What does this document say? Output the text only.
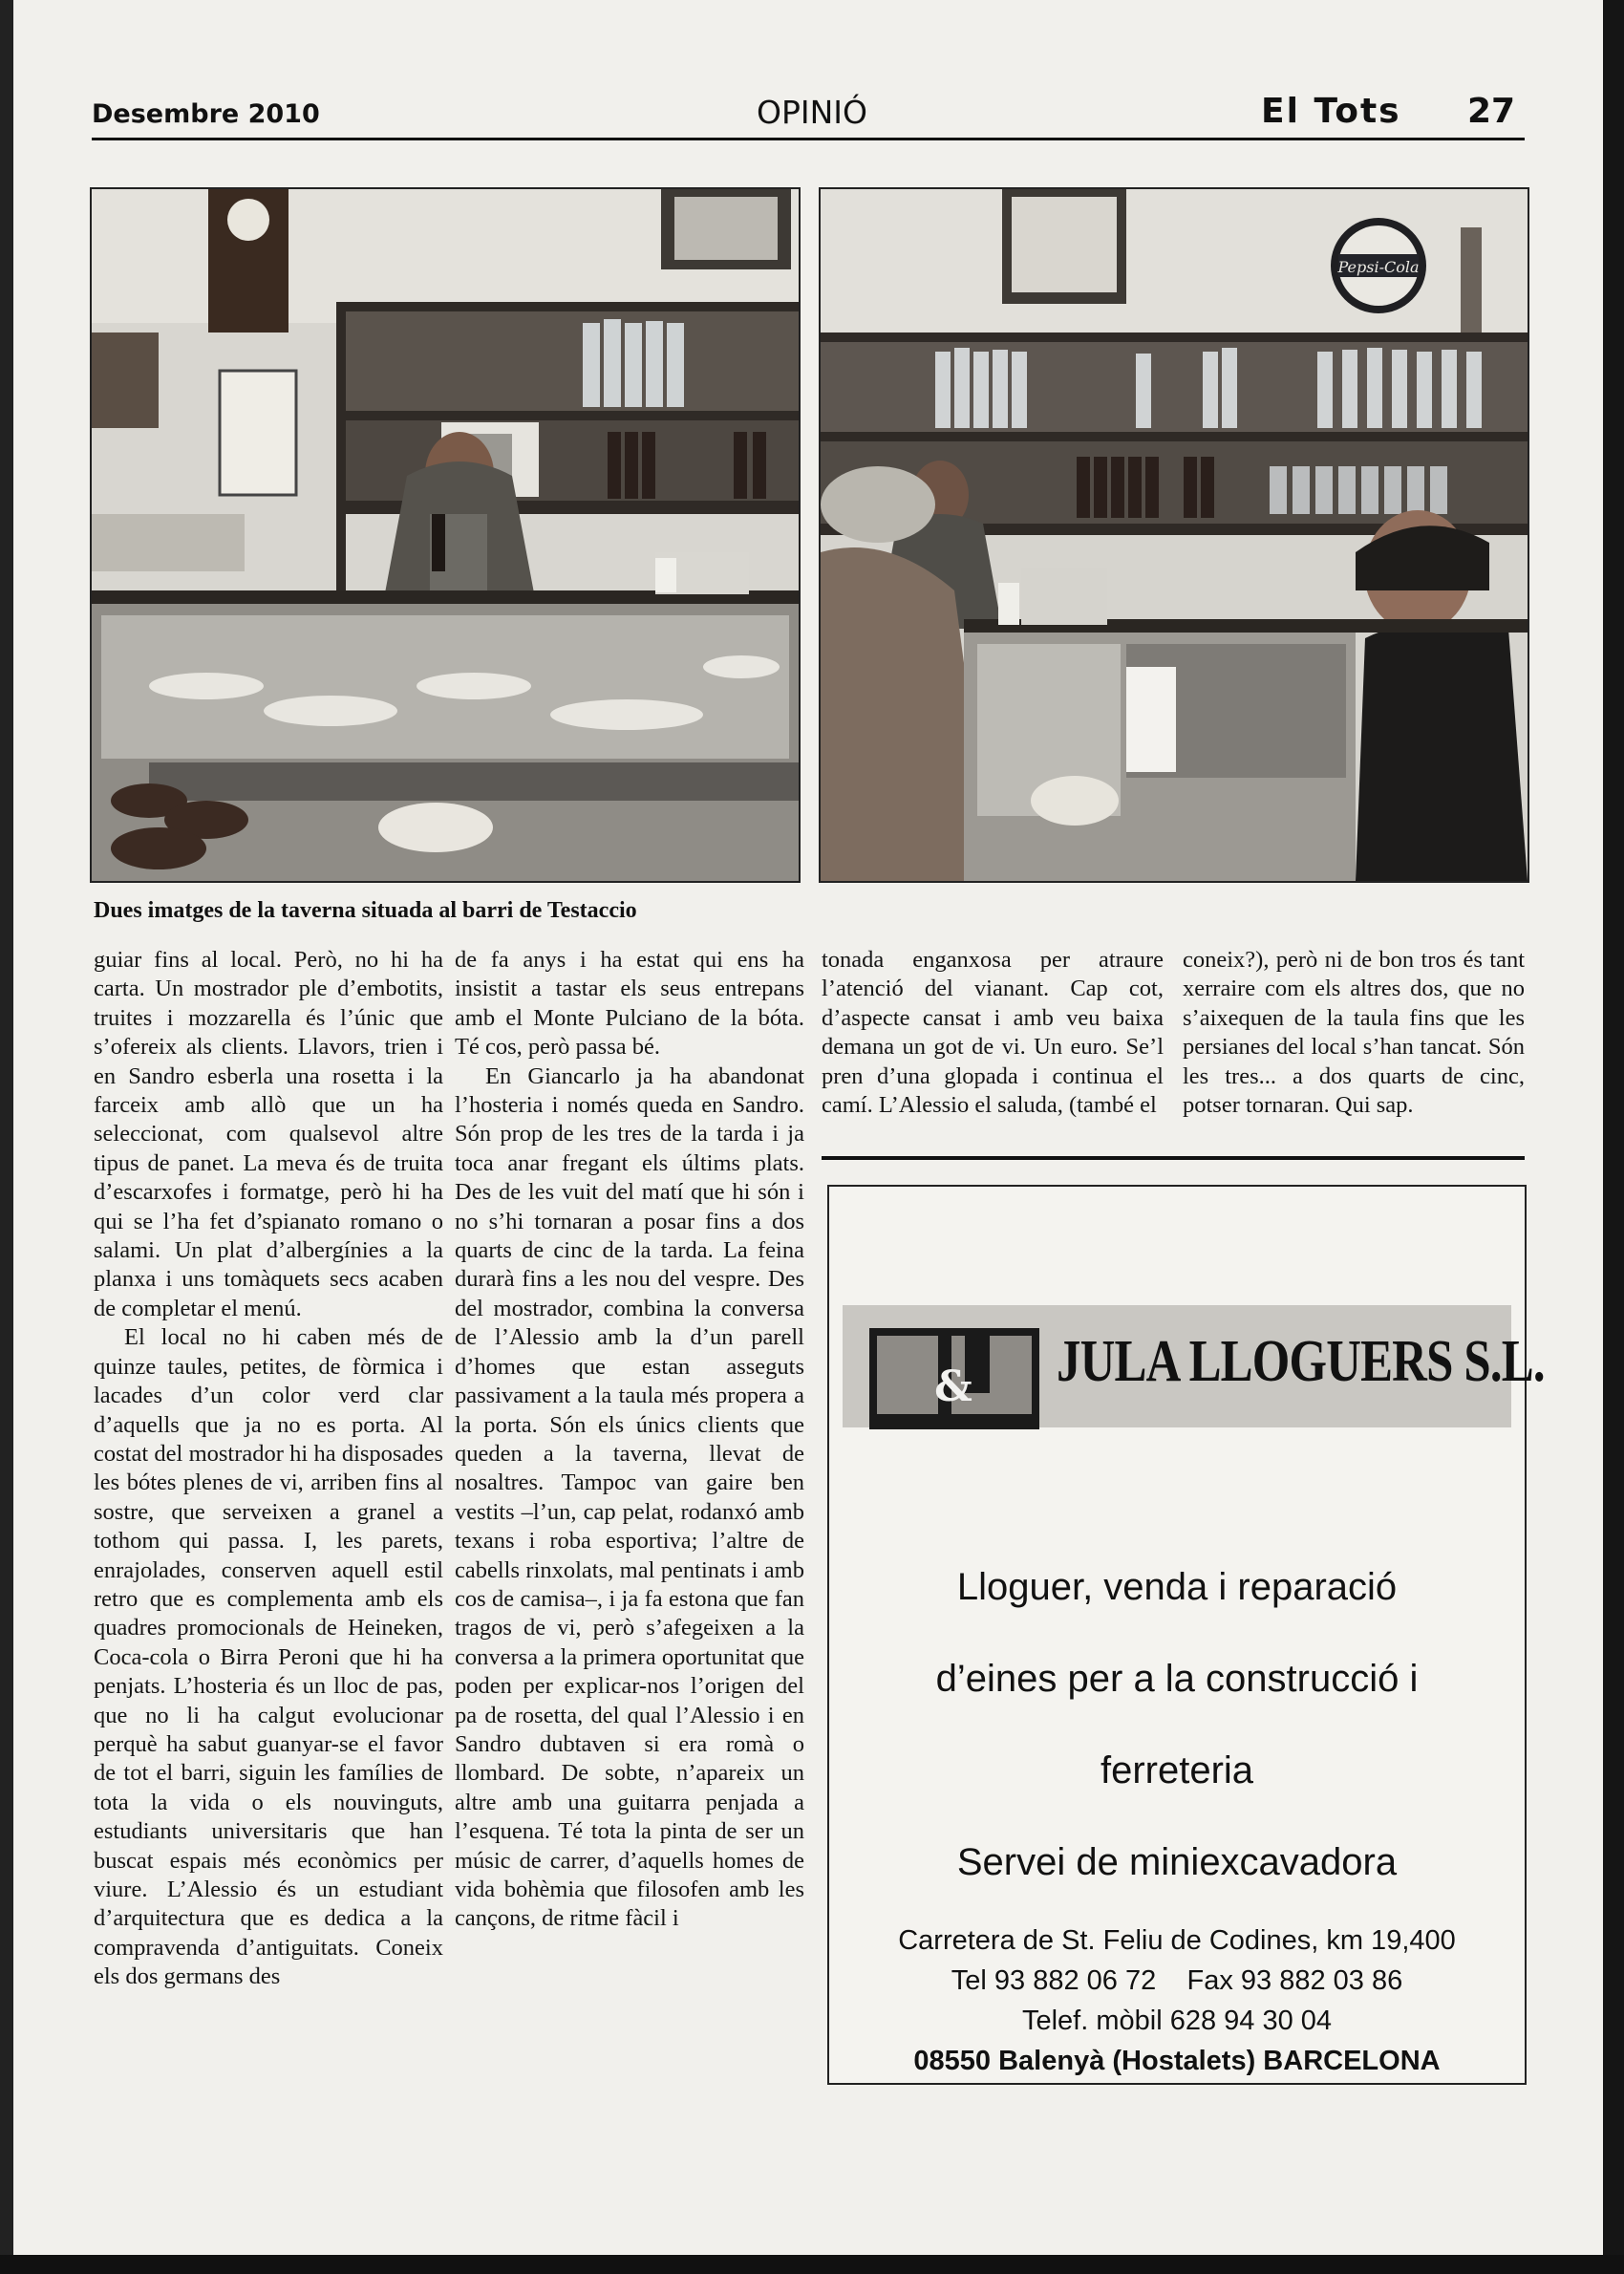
Desembre 2010	OPINIÓ	El Tots 27
Pepsi-Cola
Dues imatges de la taverna situada al barri de Testaccio

guiar fins al local. Però, no hi ha carta. Un mostrador ple d’embotits, truites i mozzarella és l’únic que s’ofereix als clients. Llavors, trien i en Sandro esberla una rosetta i la farceix amb allò que un ha seleccionat, com qualsevol altre tipus de panet. La meva és de truita d’escarxofes i formatge, però hi ha qui se l’ha fet d’spianato romano o salami. Un plat d’albergínies a la planxa i uns tomàquets secs acaben de completar el menú.

El local no hi caben més de quinze taules, petites, de fòrmica i lacades d’un color verd clar d’aquells que ja no es porta. Al costat del mostrador hi ha disposades les bótes plenes de vi, arriben fins al sostre, que serveixen a granel a tothom qui passa. I, les parets, enrajolades, conserven aquell estil retro que es complementa amb els quadres promocionals de Heineken, Coca-cola o Birra Peroni que hi ha penjats. L’hosteria és un lloc de pas, que no li ha calgut evolucionar perquè ha sabut guanyar-se el favor de tot el barri, siguin les famílies de tota la vida o els nouvinguts, estudiants universitaris que han buscat espais més econòmics per viure. L’Alessio és un estudiant d’arquitectura que es dedica a la compravenda d’antiguitats. Coneix els dos germans des

de fa anys i ha estat qui ens ha insistit a tastar els seus entrepans amb el Monte Pulciano de la bóta. Té cos, però passa bé.

En Giancarlo ja ha abandonat l’hosteria i només queda en Sandro. Són prop de les tres de la tarda i ja toca anar fregant els últims plats. Des de les vuit del matí que hi són i no s’hi tornaran a posar fins a dos quarts de cinc de la tarda. La feina durarà fins a les nou del vespre. Des del mostrador, combina la conversa de l’Alessio amb la d’un parell d’homes que estan asseguts passivament a la taula més propera a la porta. Són els únics clients que queden a la taverna, llevat de nosaltres. Tampoc van gaire ben vestits –l’un, cap pelat, rodanxó amb texans i roba esportiva; l’altre de cabells rinxolats, mal pentinats i amb cos de camisa–, i ja fa estona que fan tragos de vi, però s’afegeixen a la conversa a la primera oportunitat que poden per explicar-nos l’origen del pa de rosetta, del qual l’Alessio i en Sandro dubtaven si era romà o llombard. De sobte, n’apareix un altre amb una guitarra penjada a l’esquena. Té tota la pinta de ser un músic de carrer, d’aquells homes de vida bohèmia que filosofen amb les cançons, de ritme fàcil i

tonada enganxosa per atraure l’atenció del vianant. Cap cot, d’aspecte cansat i amb veu baixa demana un got de vi. Un euro. Se’l pren d’una glopada i continua el camí. L’Alessio el saluda, (també el

coneix?), però ni de bon tros és tant xerraire com els altres dos, que no s’aixequen de la taula fins que les persianes del local s’han tancat. Són les tres... a dos quarts de cinc, potser tornaran. Qui sap.

& JULA LLOGUERS S.L.
Lloguer, venda i reparació
d’eines per a la construcció i
ferreteria
Servei de miniexcavadora
Carretera de St. Feliu de Codines, km 19,400
Tel 93 882 06 72 Fax 93 882 03 86
Telef. mòbil 628 94 30 04
08550 Balenyà (Hostalets) BARCELONA
